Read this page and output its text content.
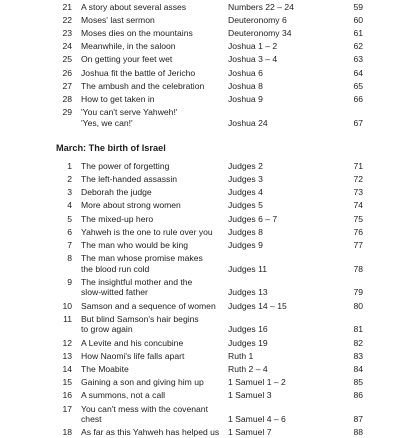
21 A story about several asses	Numbers 22 – 24	59
22 Moses' last sermon	Deuteronomy 6	60
23 Moses dies on the mountains	Deuteronomy 34	61
24 Meanwhile, in the saloon	Joshua 1 – 2	62
25 On getting your feet wet	Joshua 3 – 4	63
26 Joshua fit the battle of Jericho	Joshua 6	64
27 The ambush and the celebration	Joshua 8	65
28 How to get taken in	Joshua 9	66
29 'You can't serve Yahweh!'
'Yes, we can!'	Joshua 24	67
March: The birth of Israel
1 The power of forgetting	Judges 2	71
2 The left-handed assassin	Judges 3	72
3 Deborah the judge	Judges 4	73
4 More about strong women	Judges 5	74
5 The mixed-up hero	Judges 6 – 7	75
6 Yahweh is the one to rule over you	Judges 8	76
7 The man who would be king	Judges 9	77
8 The man whose promise makes
the blood run cold	Judges 11	78
9 The insightful mother and the
slow-witted father	Judges 13	79
10 Samson and a sequence of women	Judges 14 – 15	80
11 But blind Samson's hair begins
to grow again	Judges 16	81
12 A Levite and his concubine	Judges 19	82
13 How Naomi's life falls apart	Ruth 1	83
14 The Moabite	Ruth 2 – 4	84
15 Gaining a son and giving him up	1 Samuel 1 – 2	85
16 A summons, not a call	1 Samuel 3	86
17 You can't mess with the covenant
chest	1 Samuel 4 – 6	87
18 As far as this Yahweh has helped us	1 Samuel 7	88
